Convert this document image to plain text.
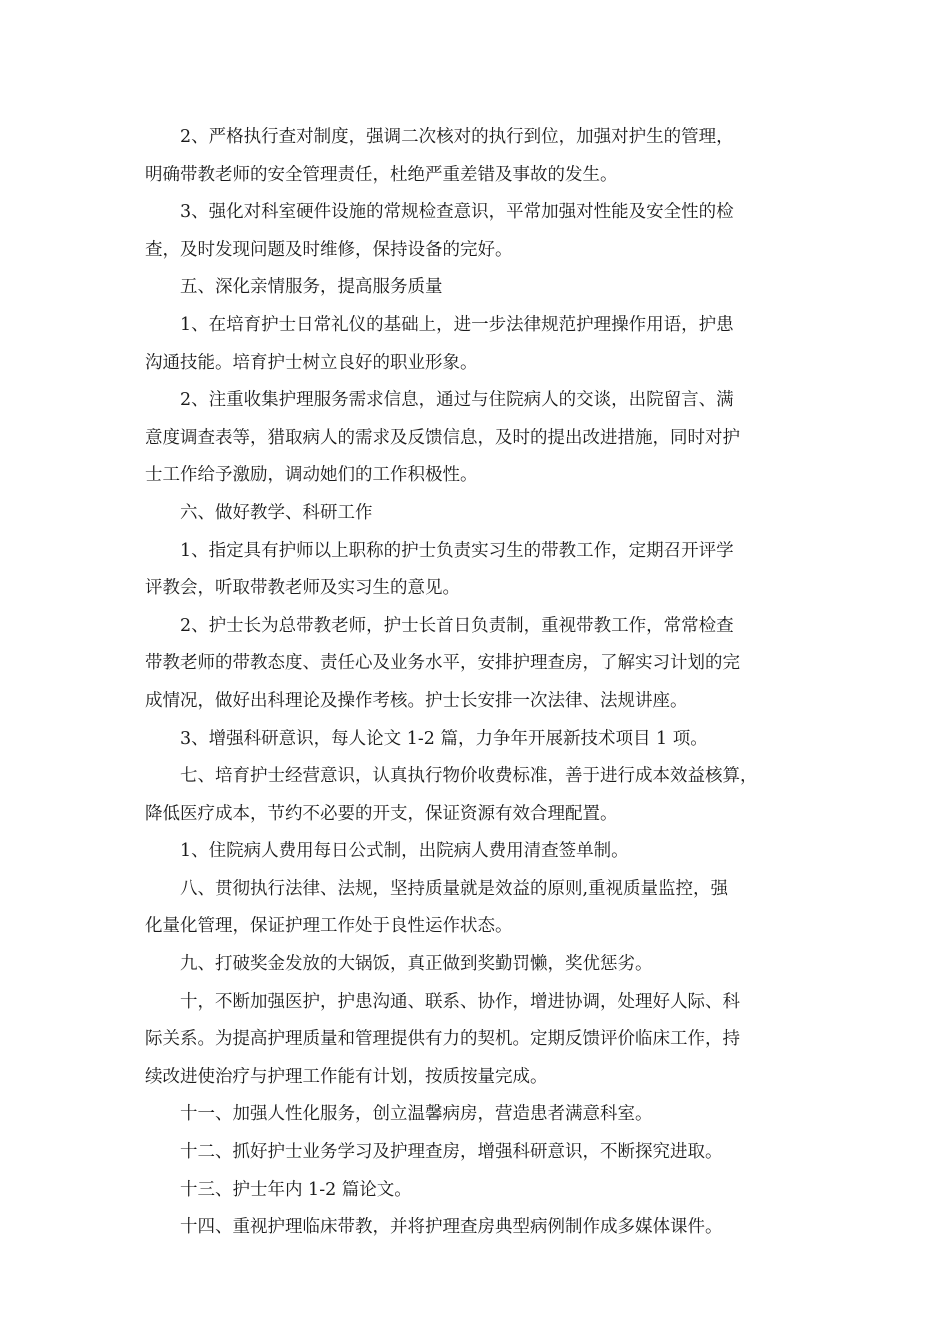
2、严格执行查对制度，强调二次核对的执行到位，加强对护生的管理，
明确带教老师的安全管理责任，杜绝严重差错及事故的发生。
3、强化对科室硬件设施的常规检查意识，平常加强对性能及安全性的检
查，及时发现问题及时维修，保持设备的完好。
五、深化亲情服务，提高服务质量
1、在培育护士日常礼仪的基础上，进一步法律规范护理操作用语，护患
沟通技能。培育护士树立良好的职业形象。
2、注重收集护理服务需求信息，通过与住院病人的交谈，出院留言、满
意度调查表等，猎取病人的需求及反馈信息，及时的提出改进措施，同时对护
士工作给予激励，调动她们的工作积极性。
六、做好教学、科研工作
1、指定具有护师以上职称的护士负责实习生的带教工作，定期召开评学
评教会，听取带教老师及实习生的意见。
2、护士长为总带教老师，护士长首日负责制，重视带教工作，常常检查
带教老师的带教态度、责任心及业务水平，安排护理查房，了解实习计划的完
成情况，做好出科理论及操作考核。护士长安排一次法律、法规讲座。
3、增强科研意识，每人论文 1-2 篇，力争年开展新技术项目 1 项。
七、培育护士经营意识，认真执行物价收费标准，善于进行成本效益核算，
降低医疗成本，节约不必要的开支，保证资源有效合理配置。
1、住院病人费用每日公式制，出院病人费用清查签单制。
八、贯彻执行法律、法规，坚持质量就是效益的原则,重视质量监控，强
化量化管理，保证护理工作处于良性运作状态。
九、打破奖金发放的大锅饭，真正做到奖勤罚懒，奖优惩劣。
十，不断加强医护，护患沟通、联系、协作，增进协调，处理好人际、科
际关系。为提高护理质量和管理提供有力的契机。定期反馈评价临床工作，持
续改进使治疗与护理工作能有计划，按质按量完成。
十一、加强人性化服务，创立温馨病房，营造患者满意科室。
十二、抓好护士业务学习及护理查房，增强科研意识，不断探究进取。
十三、护士年内 1-2 篇论文。
十四、重视护理临床带教，并将护理查房典型病例制作成多媒体课件。
